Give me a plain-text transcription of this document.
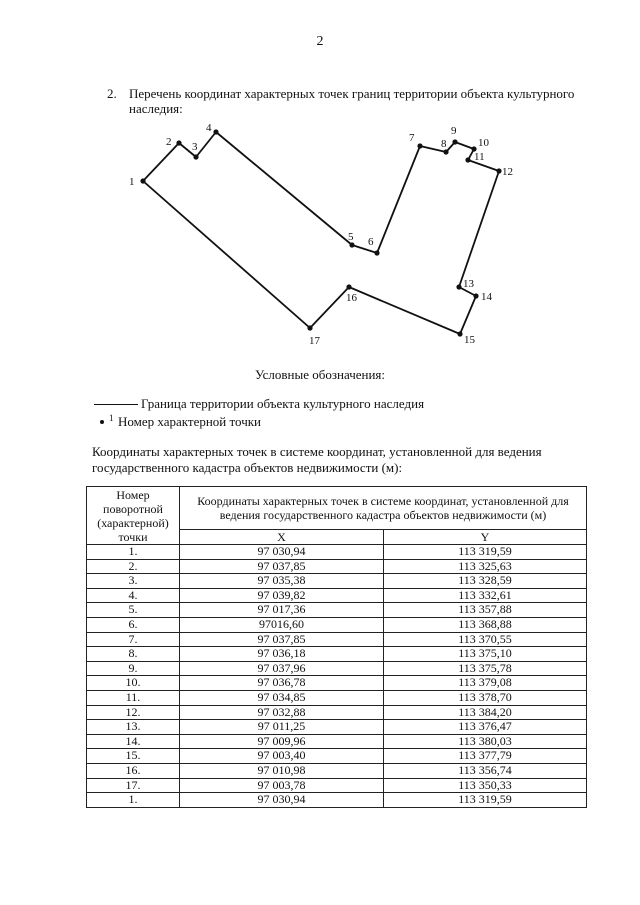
2
2. Перечень координат характерных точек границ территории объекта культурного наследия:
1
2 3
4
5 6
7 8
9
10
11
12
13
14
15
16
17
Условные обозначения:
Граница территории объекта культурного наследия
1 Номер характерной точки
Координаты характерных точек в системе координат, установленной для ведения государственного кадастра объектов недвижимости (м):
Номер поворотной (характерной) точки	Координаты характерных точек в системе координат, установленной для ведения государственного кадастра объектов недвижимости (м)	
	X	Y
1.	97 030,94	113 319,59
2.	97 037,85	113 325,63
3.	97 035,38	113 328,59
4.	97 039,82	113 332,61
5.	97 017,36	113 357,88
6.	97016,60	113 368,88
7.	97 037,85	113 370,55
8.	97 036,18	113 375,10
9.	97 037,96	113 375,78
10.	97 036,78	113 379,08
11.	97 034,85	113 378,70
12.	97 032,88	113 384,20
13.	97 011,25	113 376,47
14.	97 009,96	113 380,03
15.	97 003,40	113 377,79
16.	97 010,98	113 356,74
17.	97 003,78	113 350,33
1.	97 030,94	113 319,59
